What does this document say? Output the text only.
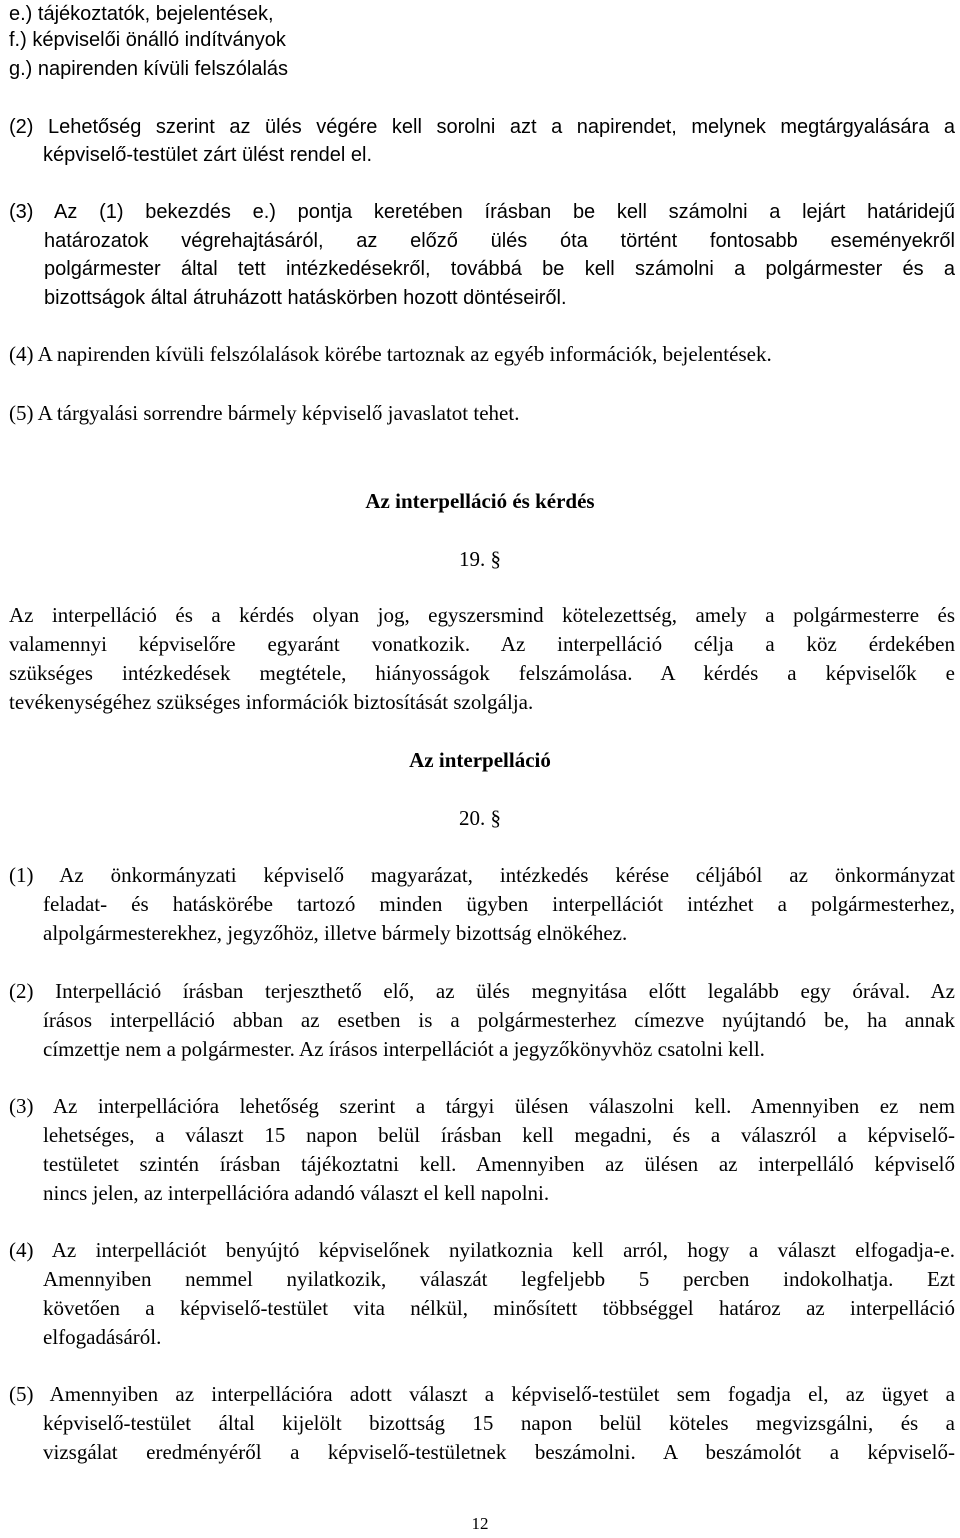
e.) tájékoztatók, bejelentések,
f.) képviselői önálló indítványok
g.) napirenden kívüli felszólalás
(2) Lehetőség szerint az ülés végére kell sorolni azt a napirendet, melynek megtárgyalására a
képviselő-testület zárt ülést rendel el.
(3) Az (1) bekezdés e.) pontja keretében írásban be kell számolni a lejárt határidejű
határozatok végrehajtásáról, az előző ülés óta történt fontosabb eseményekről
polgármester által tett intézkedésekről, továbbá be kell számolni a polgármester és a
bizottságok által átruházott hatáskörben hozott döntéseiről.
(4) A napirenden kívüli felszólalások körébe tartoznak az egyéb információk, bejelentések.
(5) A tárgyalási sorrendre bármely képviselő javaslatot tehet.
Az interpelláció és kérdés
19. §
Az interpelláció és a kérdés olyan jog, egyszersmind kötelezettség, amely a polgármesterre és
valamennyi képviselőre egyaránt vonatkozik. Az interpelláció célja a köz érdekében
szükséges intézkedések megtétele, hiányosságok felszámolása. A kérdés a képviselők e
tevékenységéhez szükséges információk biztosítását szolgálja.
Az interpelláció
20. §
(1) Az önkormányzati képviselő magyarázat, intézkedés kérése céljából az önkormányzat
feladat- és hatáskörébe tartozó minden ügyben interpellációt intézhet a polgármesterhez,
alpolgármesterekhez, jegyzőhöz, illetve bármely bizottság elnökéhez.
(2) Interpelláció írásban terjeszthető elő, az ülés megnyitása előtt legalább egy órával. Az
írásos interpelláció abban az esetben is a polgármesterhez címezve nyújtandó be, ha annak
címzettje nem a polgármester. Az írásos interpellációt a jegyzőkönyvhöz csatolni kell.
(3) Az interpellációra lehetőség szerint a tárgyi ülésen válaszolni kell. Amennyiben ez nem
lehetséges, a választ 15 napon belül írásban kell megadni, és a válaszról a képviselő-
testületet szintén írásban tájékoztatni kell. Amennyiben az ülésen az interpelláló képviselő
nincs jelen, az interpellációra adandó választ el kell napolni.
(4) Az interpellációt benyújtó képviselőnek nyilatkoznia kell arról, hogy a választ elfogadja-e.
Amennyiben nemmel nyilatkozik, válaszát legfeljebb 5 percben indokolhatja. Ezt
követően a képviselő-testület vita nélkül, minősített többséggel határoz az interpelláció
elfogadásáról.
(5) Amennyiben az interpellációra adott választ a képviselő-testület sem fogadja el, az ügyet a
képviselő-testület által kijelölt bizottság 15 napon belül köteles megvizsgálni, és a
vizsgálat eredményéről a képviselő-testületnek beszámolni. A beszámolót a képviselő-
12
